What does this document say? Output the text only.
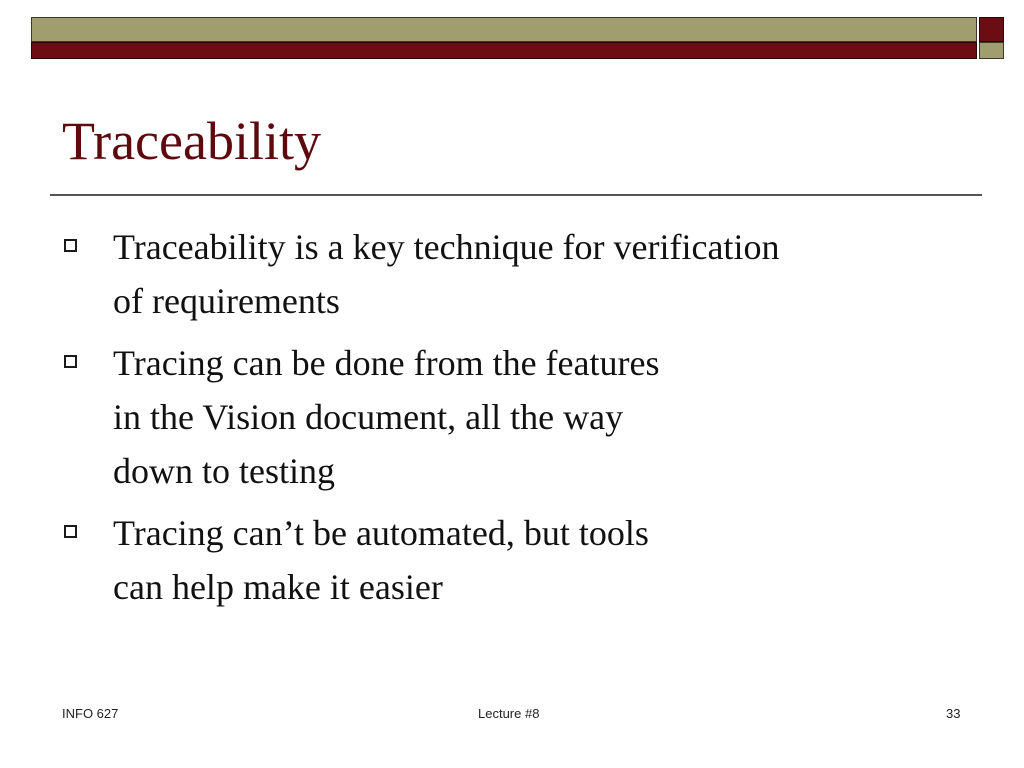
Traceability
Traceability is a key technique for verification
of requirements
Tracing can be done from the features
in the Vision document, all the way
down to testing
Tracing can’t be automated, but tools
can help make it easier
INFO 627	Lecture #8	33
